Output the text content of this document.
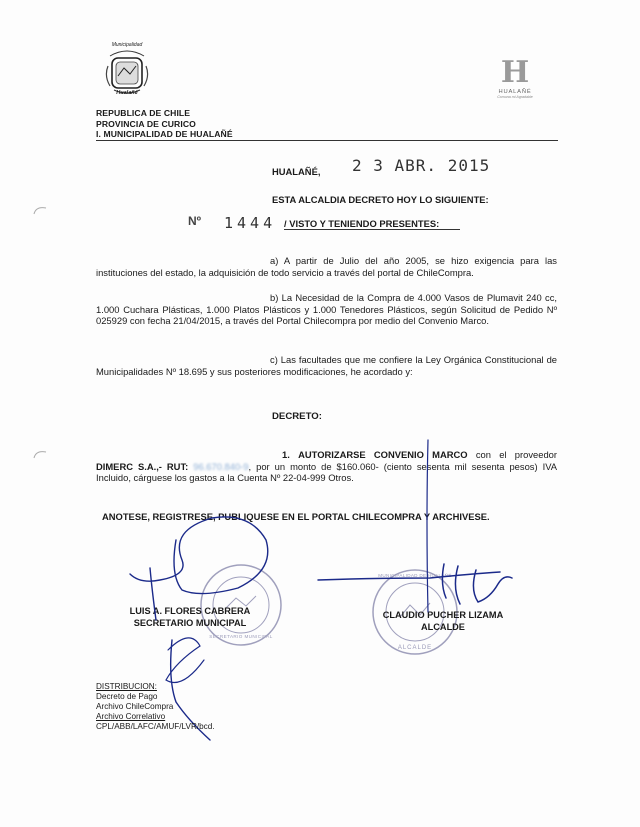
Municipalidad
Hualañé
REPUBLICA DE CHILE
PROVINCIA DE CURICO
I. MUNICIPALIDAD DE HUALAÑÉ
H
HUALAÑÉ
Comuna mi Agradable
HUALAÑÉ, 2 3 ABR. 2015
ESTA ALCALDIA DECRETO HOY LO SIGUIENTE:
Nº 1444 / VISTO Y TENIENDO PRESENTES:
a) A partir de Julio del año 2005, se hizo exigencia para las instituciones del estado, la adquisición de todo servicio a través del portal de ChileCompra.
b) La Necesidad de la Compra de 4.000 Vasos de Plumavit 240 cc, 1.000 Cuchara Plásticas, 1.000 Platos Plásticos y 1.000 Tenedores Plásticos, según Solicitud de Pedido Nº 025929 con fecha 21/04/2015, a través del Portal Chilecompra por medio del Convenio Marco.
c) Las facultades que me confiere la Ley Orgánica Constitucional de Municipalidades Nº 18.695 y sus posteriores modificaciones, he acordado y:
DECRETO:
1. AUTORIZARSE CONVENIO MARCO con el proveedor DIMERC S.A.,- RUT: 96.670.840-9, por un monto de $160.060- (ciento sesenta mil sesenta pesos) IVA Incluido, cárguese los gastos a la Cuenta Nº 22-04-999 Otros.
ANOTESE, REGISTRESE, PUBLIQUESE EN EL PORTAL CHILECOMPRA Y ARCHIVESE.
SECRETARIO MUNICIPAL
MUNICIPALIDAD DE HUALAÑÉ
ALCALDE
LUIS A. FLORES CABRERA
SECRETARIO MUNICIPAL
CLAUDIO PUCHER LIZAMA
ALCALDE
DISTRIBUCION:
Decreto de Pago
Archivo ChileCompra
Archivo Correlativo
CPL/ABB/LAFC/AMUF/LVR/bcd.
